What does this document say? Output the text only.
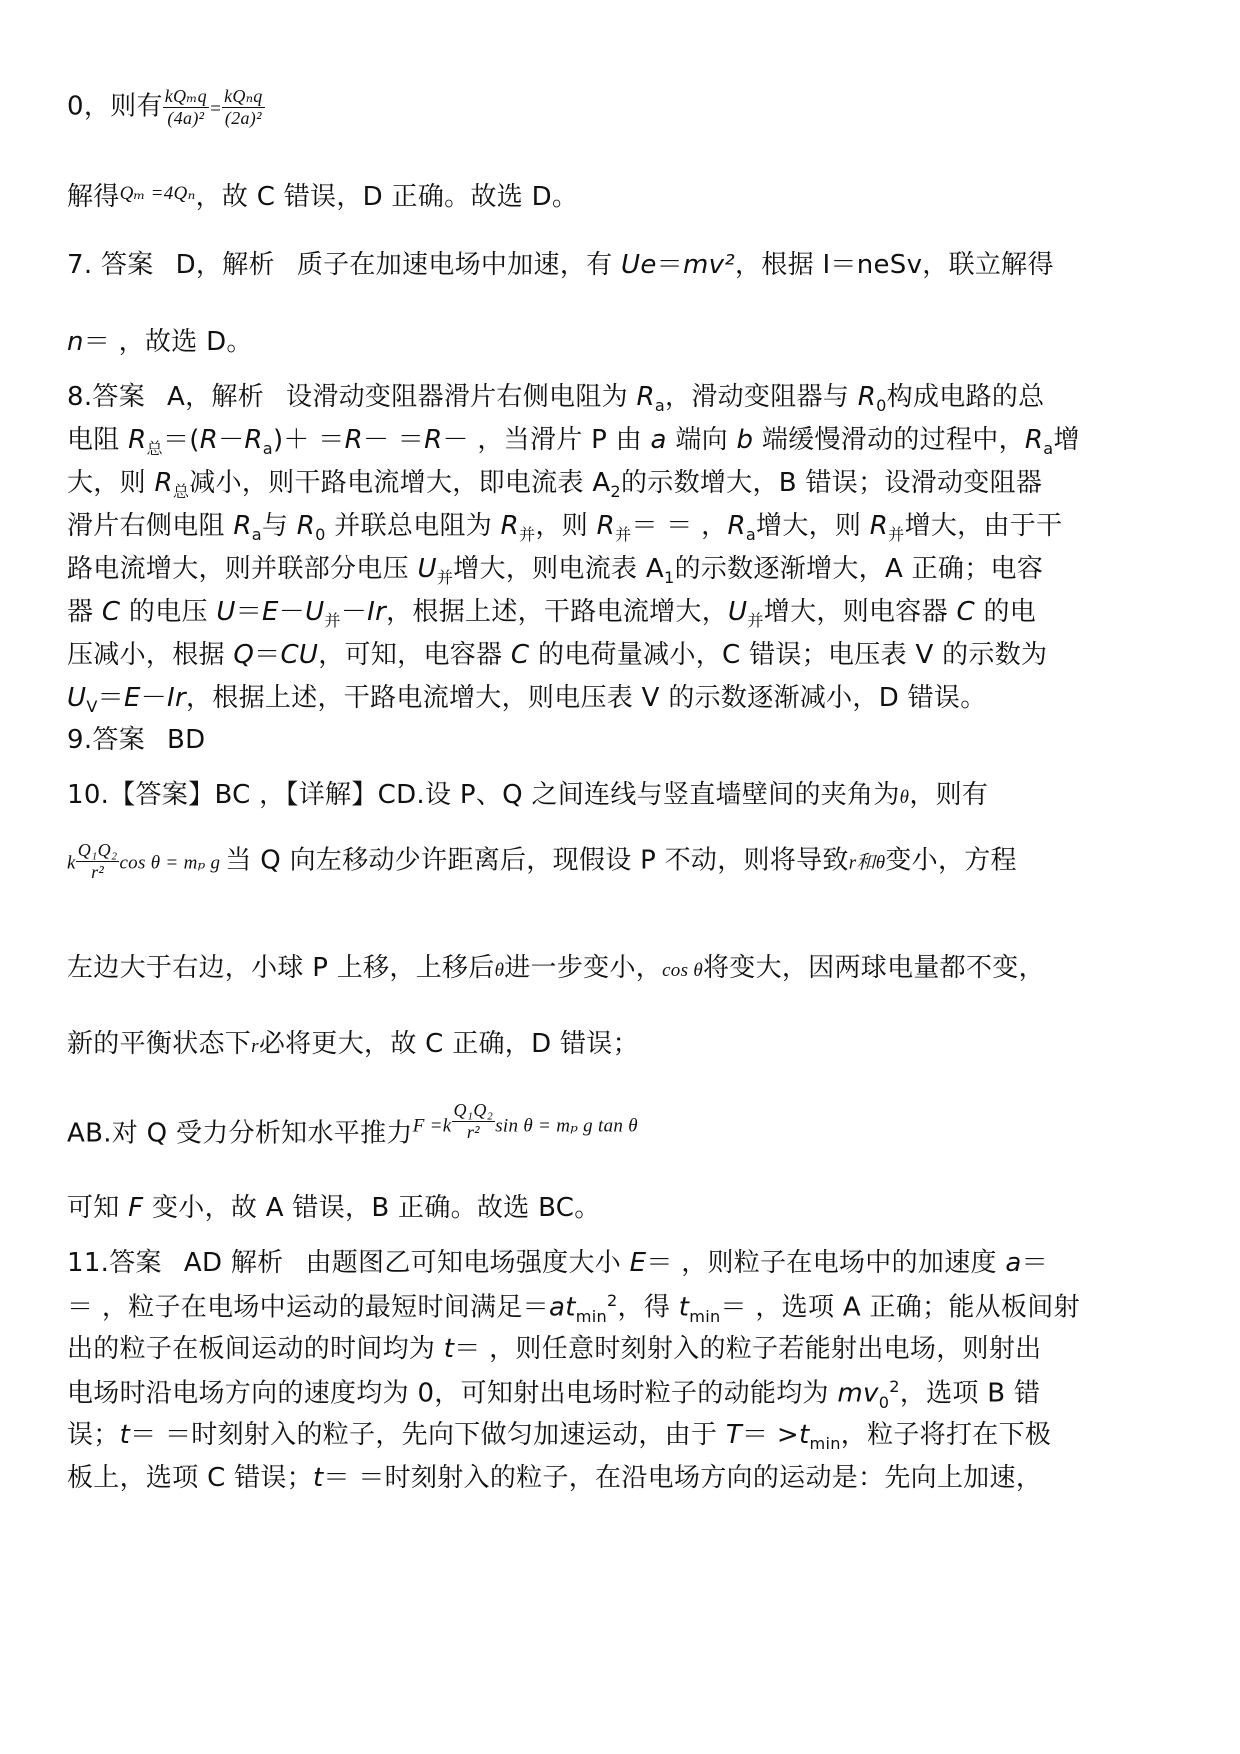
0，则有 $\frac{\text{kQₘq}}{\text{(4a)²}} = \frac{\text{kQₙq}}{\text{(2a)²}}$
解得$^{Q_m =4Q_n}$，故 C 错误，D 正确。故选 D。
7. 答案 D，解析 质子在加速电场中加速，有 Ue＝mv²，根据 I＝neSv，联立解得
n＝ ，故选 D。
8.答案 A，解析 设滑动变阻器滑片右侧电阻为 $R_a$，滑动变阻器与 $R_0$构成电路的总
电阻 $R_总=(R-R_a)+ =R- =R-$ ，当滑片 P 由 a 端向 b 端缓慢滑动的过程中，$R_a$增
大，则 $R_总$减小，则干路电流增大，即电流表 $A_2$的示数增大，B 错误；设滑动变阻器
滑片右侧电阻 $R_a$与 $R_0$ 并联总电阻为 $R_并$，则 $R_并=$ ＝ ，$R_a$增大，则 $R_并$增大，由于干
路电流增大，则并联部分电压 $U_并$增大，则电流表 $A_1$的示数逐渐增大，A 正确；电容
器 C 的电压 $U=E-U_并-Ir$，根据上述，干路电流增大，$U_并$增大，则电容器 C 的电
压减小，根据 Q＝CU，可知，电容器 C 的电荷量减小，C 错误；电压表 V 的示数为
$U_V=E-Ir$，根据上述，干路电流增大，则电压表 V 的示数逐渐减小，D 错误。
9.答案 BD
10.【答案】BC ，【详解】CD.设 P、Q 之间连线与竖直墙壁间的夹角为θ，则有
k $\frac{\text{Q₁Q₂}}{\text{r²}}$ cos θ = mₚ g 当 Q 向左移动少许距离后，现假设 P 不动，则将导致r和θ变小，方程
左边大于右边，小球 P 上移，上移后θ进一步变小，cos θ将变大，因两球电量都不变，
新的平衡状态下r必将更大，故 C 正确，D 错误；
AB.对 Q 受力分析知水平推力$^{F =k} \frac{\text{Q₁Q₂}}{\text{r²}} ^{sin \theta = m_p g tan \theta}$
可知 F 变小，故 A 错误，B 正确。故选 BC。
11.答案 AD 解析 由题图乙可知电场强度大小 E＝ ，则粒子在电场中的加速度 a＝
＝ ，粒子在电场中运动的最短时间满足$=at_{min}^2$，得 $t_{min}=$ ，选项 A 正确；能从板间射
出的粒子在板间运动的时间均为 t＝ ，则任意时刻射入的粒子若能射出电场，则射出
电场时沿电场方向的速度均为 0，可知射出电场时粒子的动能均为 $mv_0^2$，选项 B 错
误；t＝ ＝时刻射入的粒子，先向下做匀加速运动，由于 $T= >t_{min}$，粒子将打在下极
板上，选项 C 错误；t＝ ＝时刻射入的粒子，在沿电场方向的运动是：先向上加速，
